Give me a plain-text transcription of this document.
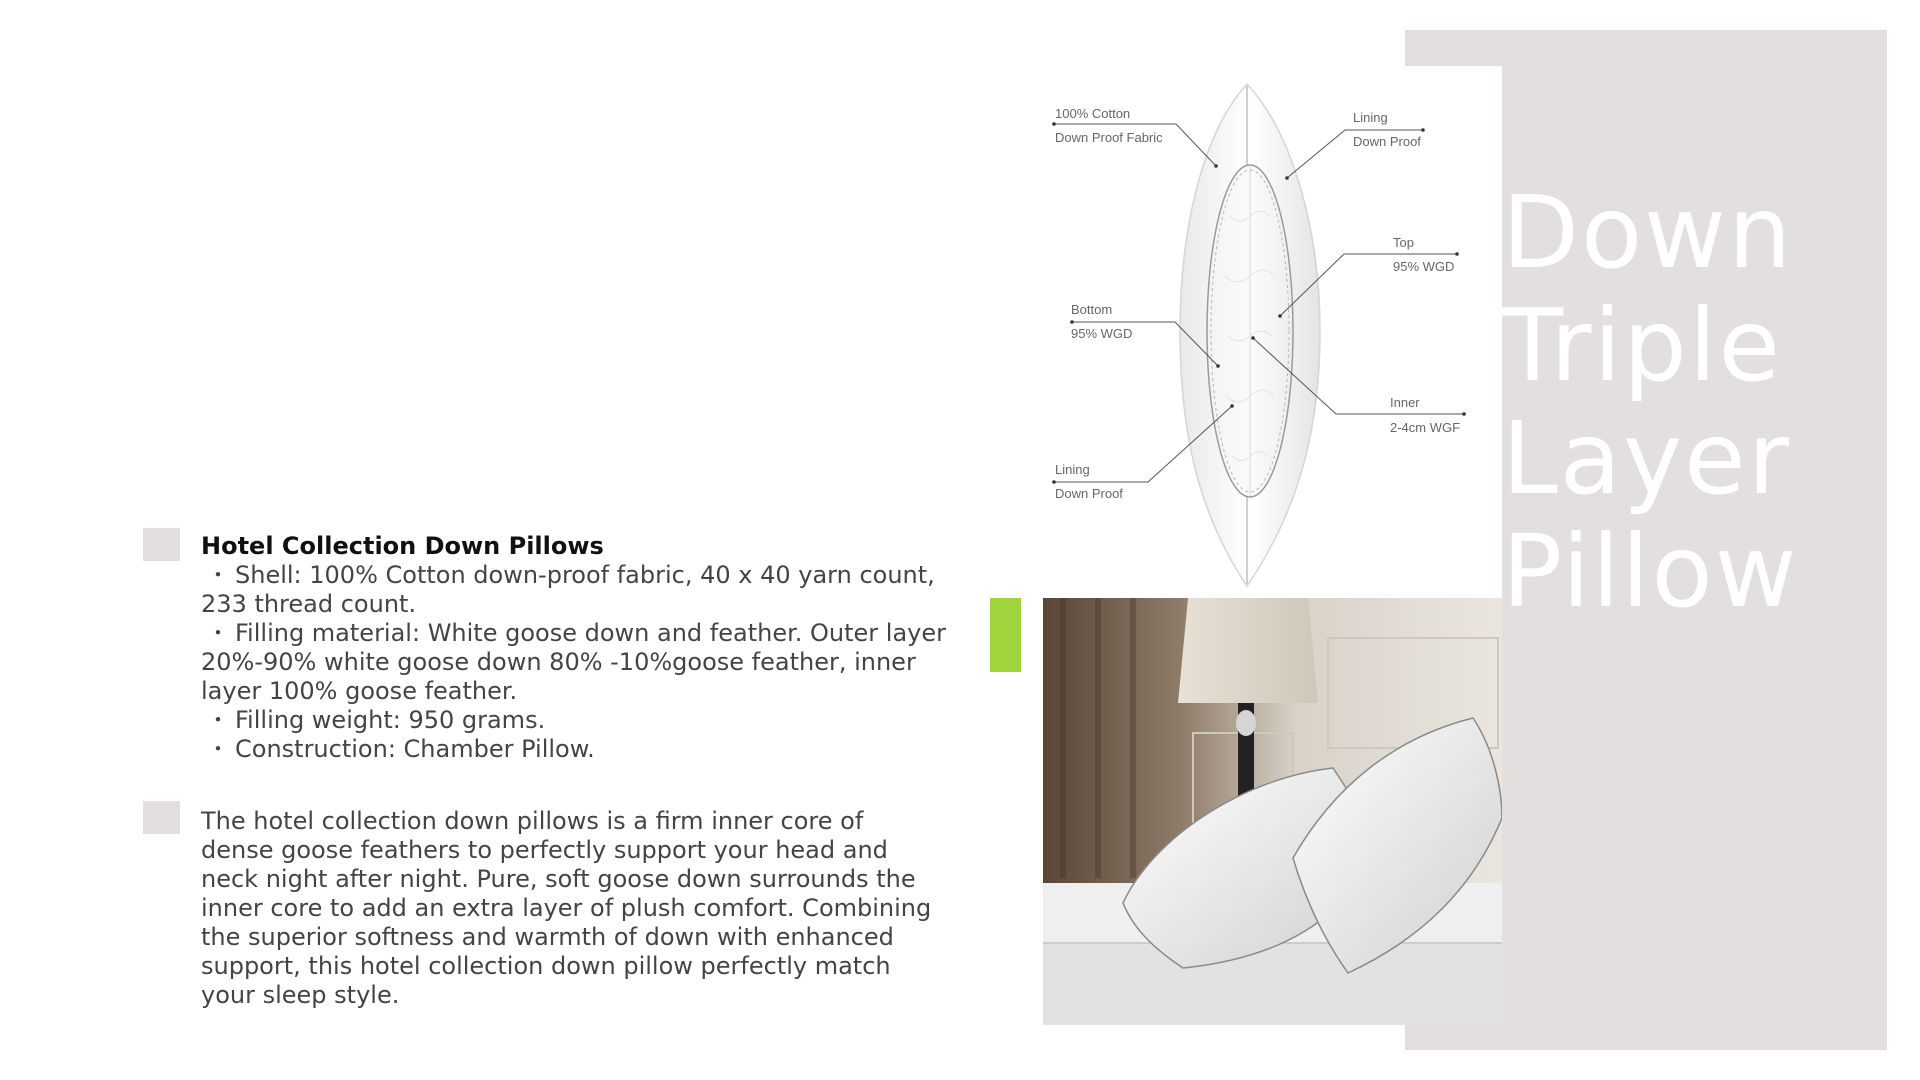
Down
Triple
Layer
Pillow
100% Cotton
Down Proof Fabric
Lining
Down Proof
Top
95% WGD
Bottom
95% WGD
Inner
2-4cm WGF
Lining
Down Proof
Hotel Collection Down Pillows
・ Shell: 100% Cotton down-proof fabric, 40 x 40 yarn count, 233 thread count.
・ Filling material: White goose down and feather. Outer layer 20%-90% white goose down 80% -10%goose feather, inner layer 100% goose feather.
・ Filling weight: 950 grams.
・ Construction: Chamber Pillow.

The hotel collection down pillows is a firm inner core of dense goose feathers to perfectly support your head and neck night after night. Pure, soft goose down surrounds the inner core to add an extra layer of plush comfort. Combining the superior softness and warmth of down with enhanced support, this hotel collection down pillow perfectly match your sleep style.
